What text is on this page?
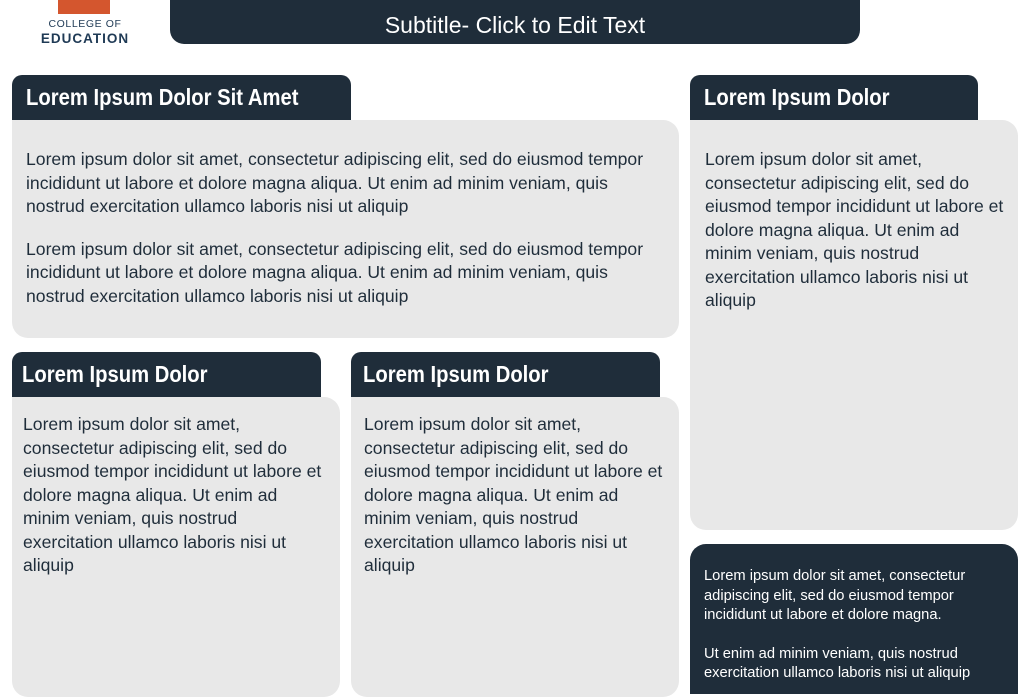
COLLEGE OF
EDUCATION
Subtitle- Click to Edit Text
Lorem Ipsum Dolor Sit Amet

Lorem ipsum dolor sit amet, consectetur adipiscing elit, sed do eiusmod tempor incididunt ut labore et dolore magna aliqua. Ut enim ad minim veniam, quis nostrud exercitation ullamco laboris nisi ut aliquip

Lorem ipsum dolor sit amet, consectetur adipiscing elit, sed do eiusmod tempor incididunt ut labore et dolore magna aliqua. Ut enim ad minim veniam, quis nostrud exercitation ullamco laboris nisi ut aliquip

Lorem Ipsum Dolor

Lorem ipsum dolor sit amet, consectetur adipiscing elit, sed do eiusmod tempor incididunt ut labore et dolore magna aliqua. Ut enim ad minim veniam, quis nostrud exercitation ullamco laboris nisi ut aliquip

Lorem Ipsum Dolor

Lorem ipsum dolor sit amet, consectetur adipiscing elit, sed do eiusmod tempor incididunt ut labore et dolore magna aliqua. Ut enim ad minim veniam, quis nostrud exercitation ullamco laboris nisi ut aliquip

Lorem Ipsum Dolor

Lorem ipsum dolor sit amet, consectetur adipiscing elit, sed do eiusmod tempor incididunt ut labore et dolore magna aliqua. Ut enim ad minim veniam, quis nostrud exercitation ullamco laboris nisi ut aliquip

Lorem ipsum dolor sit amet, consectetur adipiscing elit, sed do eiusmod tempor incididunt ut labore et dolore magna.

Ut enim ad minim veniam, quis nostrud exercitation ullamco laboris nisi ut aliquip
